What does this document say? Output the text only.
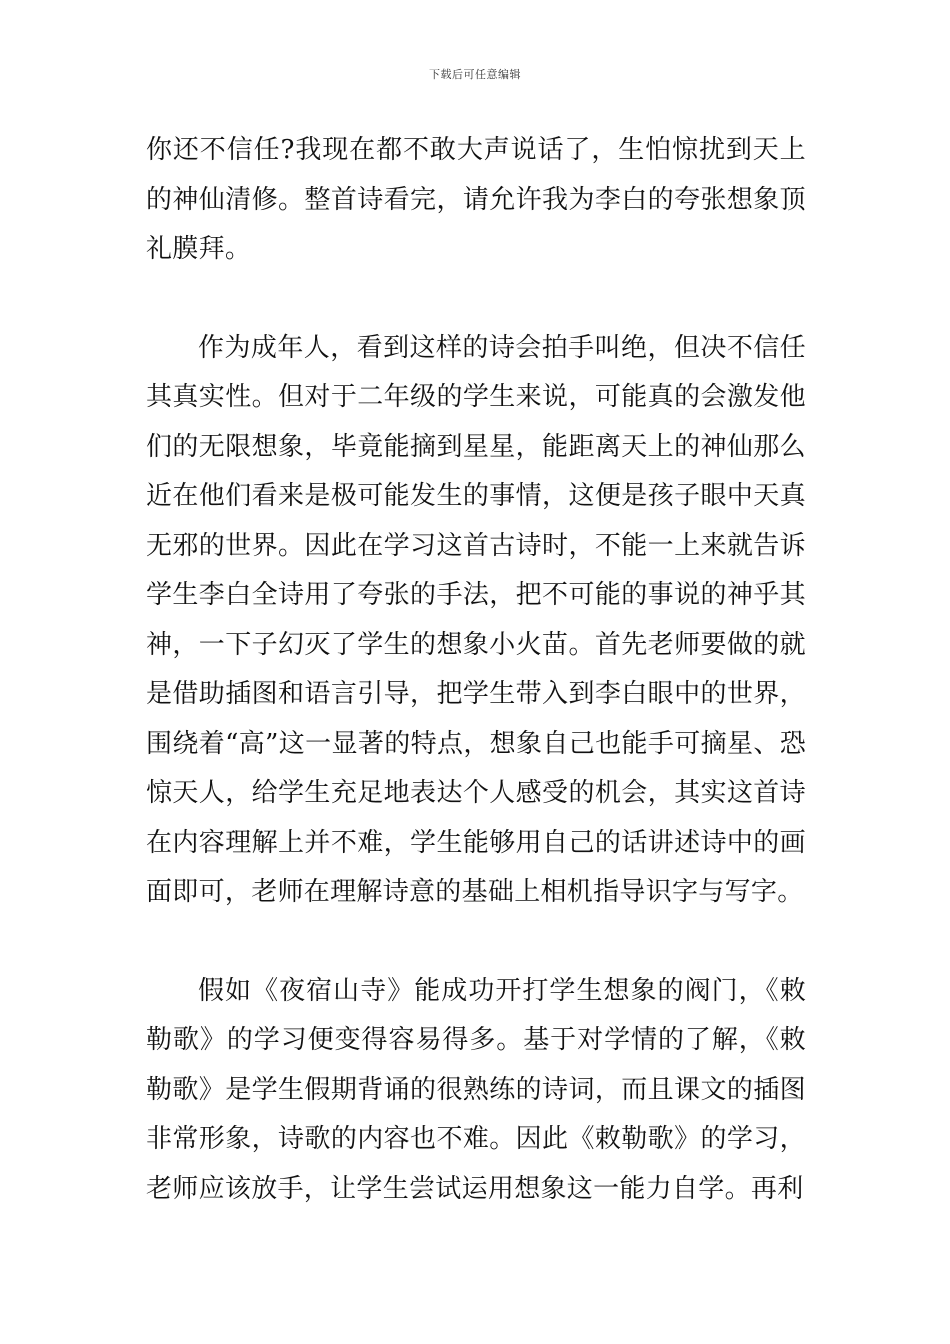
下载后可任意编辑

你还不信任?我现在都不敢大声说话了，生怕惊扰到天上的神仙清修。整首诗看完，请允许我为李白的夸张想象顶礼膜拜。

作为成年人，看到这样的诗会拍手叫绝，但决不信任其真实性。但对于二年级的学生来说，可能真的会激发他们的无限想象，毕竟能摘到星星，能距离天上的神仙那么近在他们看来是极可能发生的事情，这便是孩子眼中天真无邪的世界。因此在学习这首古诗时，不能一上来就告诉学生李白全诗用了夸张的手法，把不可能的事说的神乎其神，一下子幻灭了学生的想象小火苗。首先老师要做的就是借助插图和语言引导，把学生带入到李白眼中的世界，围绕着“高”这一显著的特点，想象自己也能手可摘星、恐惊天人，给学生充足地表达个人感受的机会，其实这首诗在内容理解上并不难，学生能够用自己的话讲述诗中的画面即可，老师在理解诗意的基础上相机指导识字与写字。

假如《夜宿山寺》能成功开打学生想象的阀门，《敕勒歌》的学习便变得容易得多。基于对学情的了解，《敕勒歌》是学生假期背诵的很熟练的诗词，而且课文的插图非常形象，诗歌的内容也不难。因此《敕勒歌》的学习，老师应该放手，让学生尝试运用想象这一能力自学。再利
